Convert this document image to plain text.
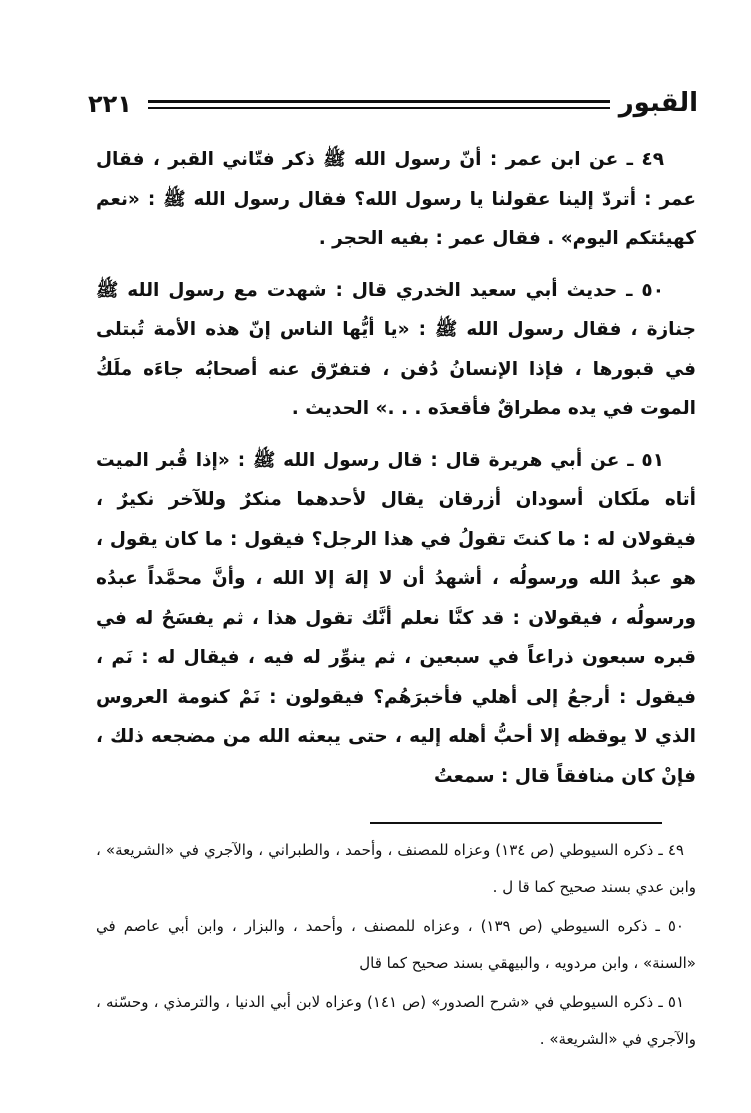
القبور
٢٢١

٤٩ ـ عن ابن عمر : أنّ رسول الله ﷺ ذكر فتّاني القبر ، فقال عمر : أتردّ إلينا عقولنا يا رسول الله؟ فقال رسول الله ﷺ : «نعم كهيئتكم اليوم» . فقال عمر : بفيه الحجر .

٥٠ ـ حديث أبي سعيد الخدري قال : شهدت مع رسول الله ﷺ جنازة ، فقال رسول الله ﷺ : «يا أيُّها الناس إنّ هذه الأمة تُبتلى في قبورها ، فإذا الإنسانُ دُفن ، فتفرّق عنه أصحابُه جاءَه ملَكُ الموت في يده مطراقٌ فأقعدَه . . .» الحديث .

٥١ ـ عن أبي هريرة قال : قال رسول الله ﷺ : «إذا قُبر الميت أتاه ملَكان أسودان أزرقان يقال لأحدهما منكرٌ وللآخر نكيرٌ ، فيقولان له : ما كنتَ تقولُ في هذا الرجل؟ فيقول : ما كان يقول ، هو عبدُ الله ورسولُه ، أشهدُ أن لا إلهَ إلا الله ، وأنَّ محمَّداً عبدُه ورسولُه ، فيقولان : قد كنَّا نعلم أنَّك تقول هذا ، ثم يفسَحُ له في قبره سبعون ذراعاً في سبعين ، ثم ينوِّر له فيه ، فيقال له : نَم ، فيقول : أرجعُ إلى أهلي فأخبرَهُم؟ فيقولون : نَمْ كنومة العروس الذي لا يوقظه إلا أحبُّ أهله إليه ، حتى يبعثه الله من مضجعه ذلك ، فإنْ كان منافقاً قال : سمعتُ

٤٩ ـ ذكره السيوطي (ص ١٣٤) وعزاه للمصنف ، وأحمد ، والطبراني ، والآجري في «الشريعة» ، وابن عدي بسند صحيح كما قا ل .

٥٠ ـ ذكره السيوطي (ص ١٣٩) ، وعزاه للمصنف ، وأحمد ، والبزار ، وابن أبي عاصم في «السنة» ، وابن مردويه ، والبيهقي بسند صحيح كما قال

٥١ ـ ذكره السيوطي في «شرح الصدور» (ص ١٤١) وعزاه لابن أبي الدنيا ، والترمذي ، وحسّنه ، والآجري في «الشريعة» .
